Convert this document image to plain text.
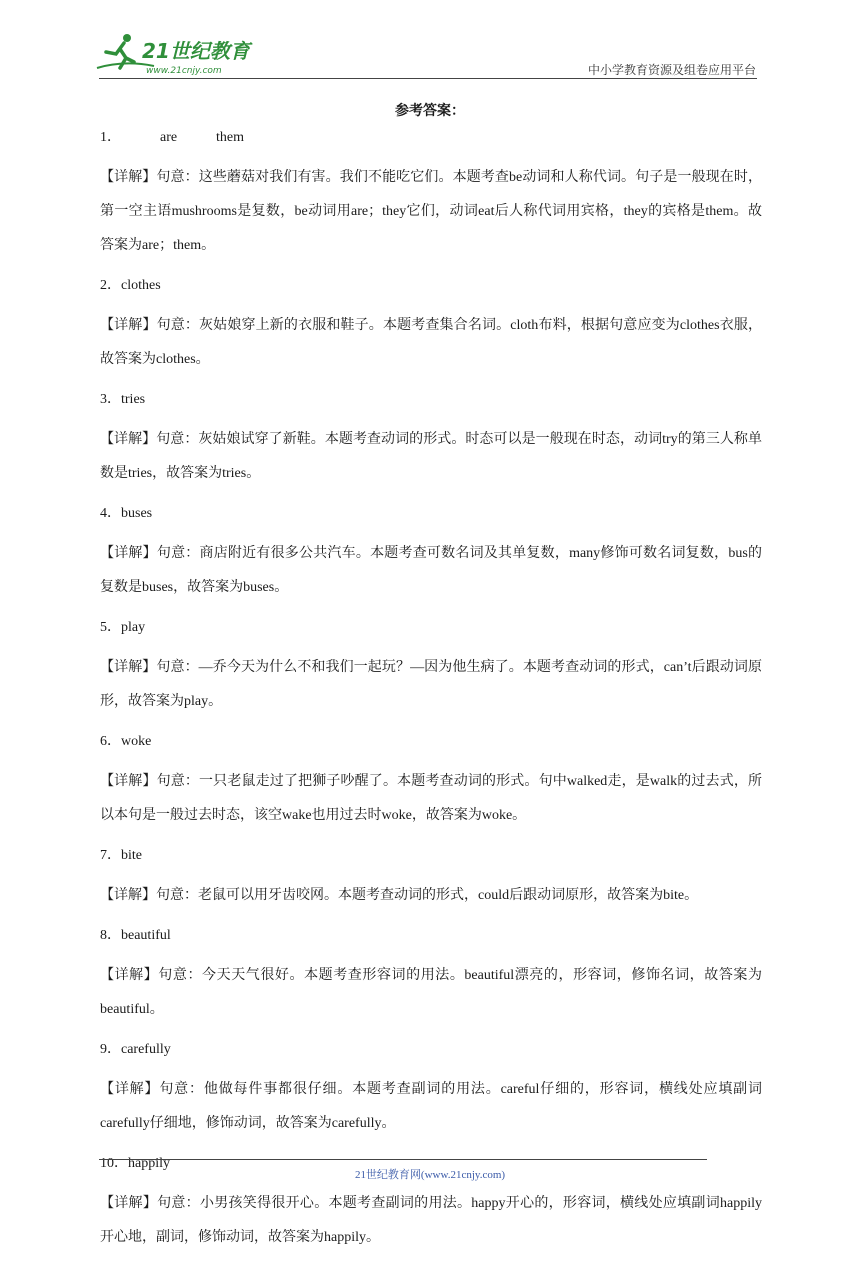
21世纪教育
www.21cnjy.com	中小学教育资源及组卷应用平台
参考答案：

1．	are	them

【详解】句意：这些蘑菇对我们有害。我们不能吃它们。本题考查be动词和人称代词。句子是一般现在时，第一空主语mushrooms是复数，be动词用are；they它们，动词eat后人称代词用宾格，they的宾格是them。故答案为are；them。

2．clothes

【详解】句意：灰姑娘穿上新的衣服和鞋子。本题考查集合名词。cloth布料，根据句意应变为clothes衣服，故答案为clothes。

3．tries

【详解】句意：灰姑娘试穿了新鞋。本题考查动词的形式。时态可以是一般现在时态，动词try的第三人称单数是tries，故答案为tries。

4．buses

【详解】句意：商店附近有很多公共汽车。本题考查可数名词及其单复数，many修饰可数名词复数，bus的复数是buses，故答案为buses。

5．play

【详解】句意：—乔今天为什么不和我们一起玩？—因为他生病了。本题考查动词的形式，can’t后跟动词原形，故答案为play。

6．woke

【详解】句意：一只老鼠走过了把狮子吵醒了。本题考查动词的形式。句中walked走，是walk的过去式，所以本句是一般过去时态，该空wake也用过去时woke，故答案为woke。

7．bite

【详解】句意：老鼠可以用牙齿咬网。本题考查动词的形式，could后跟动词原形，故答案为bite。

8．beautiful

【详解】句意：今天天气很好。本题考查形容词的用法。beautiful漂亮的，形容词，修饰名词，故答案为beautiful。

9．carefully

【详解】句意：他做每件事都很仔细。本题考查副词的用法。careful仔细的，形容词，横线处应填副词carefully仔细地，修饰动词，故答案为carefully。

10．happily

【详解】句意：小男孩笑得很开心。本题考查副词的用法。happy开心的，形容词，横线处应填副词happily开心地，副词，修饰动词，故答案为happily。

21世纪教育网(www.21cnjy.com)
